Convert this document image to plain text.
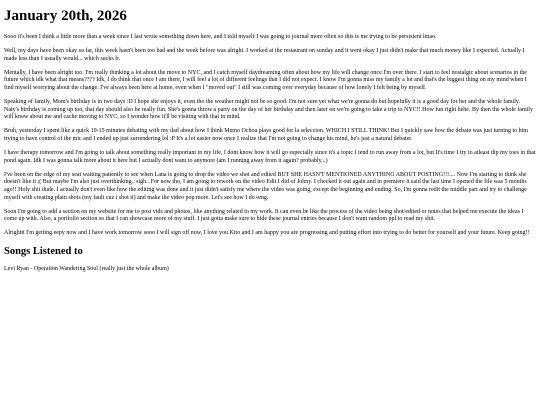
January 20th, 2026

Sooo it's been I think a little more than a week since I last wrote something down here, and I told myself I was going to journal more often so this is me trying to be persistent lmao.

Well, my days have been okay so far, this week hasn't been too bad and the week before was alright. I worked at the restaurant on sunday and it went okay I just didn't make that much money like I expected. Actually I made less than I usually would... which sucks fr.

Mentally, I have been alright too. I'm really thinking a lot about the move to NYC, and I catch myself daydreaming often about how my life will change once I'm over there. I start to feel nostalgic about scenarios in the future which idk what that means???? Idk, I do think that once I am there, I will feel a lot of different feelings that I did not expect. I know I'm gonna miss my family a lot and that's the biggest thing on my mind when I find myself worrying about the change. I've always been here at home, even when I "moved out" I still was coming over everyday because of how lonely I felt being by myself.

Speaking of family, Mom's birthday is in two days :D I hope she enjoys it, even tho the weather might not be so good. I'm not sure yet what we're gonna do but hopefully it is a good day for her and the whole family. Naty's birthday is coming up too, that day should also be really fun. She's gonna throw a party on the day of her birthday and then later on we're going to take a trip to NYC!! How fun right hehe. By then the whole family will know about me and cache moving to NYC, so I wonder how it'll be visiting with that in mind.

Bruh, yesterday I spent like a quick 10-15 minutes debating with my dad about how I think Memo Ochoa plays good for la seleccion. WHICH I STILL THINK! But I quickly saw how the debate was just turning to him trying to have control of the mic and I ended up just surrendering lol :P It's a lot easier now once I realize that I'm not going to change his mind, he's just a natural debater.

I have therapy tomorrow and I'm going to talk about something really important in my life, I dont know how it will go especially since it's a topic I tend to run away from a lot, but It's time I try to atleast dip my toes in that pond again. Idk I was gonna talk more about it here but I actually dont want to anymore (am I running away from it again? probably...)

I've been on the edge of my seat waiting patiently to see when Lana is going to drop the video we shot and edited BUT SHE HASN'T MENTIONED ANYTHING ABOUT POSTING!!!.... Now I'm starting to think she doesn't like it ;( But maybe I'm also just overthinking.. sigh.. For now tho, I am going to rework on the video Edit I did of Johny. I checked it out again and in premiere it said the last time I opened the file was 5 months ago!! Holy shit dude. I actually don't even like how the editing was done and it just didn't satisfy me where the video was going, except the beginning and ending. So, I'm gonna redit the middle part and try to challenge myself with creating plain shots (my fault cuz i shot it) and make the video pop more. Let's see how I do omg.

Soon I'm going to add a section on my website for me to post vids and photos, like anything related to my work. It can even be like the process of the video being shot/edited or notes that helped me execute the ideas I come up with. Also, a portfolio section so that I can showcase more of my stuff. I just gotta make sure to hide these journal entries because I don't want random ppl to read my shit.

Alrighttt I'm getting eepy now and I have work tomorrow sooo I will sign off now, I love you Kito and I am happy you are progressing and putting effort into trying to do better for yourself and your future. Keep going!!

Songs Listened to

Levi Ryan - Operation Wandering Soul (really just the whole album)
